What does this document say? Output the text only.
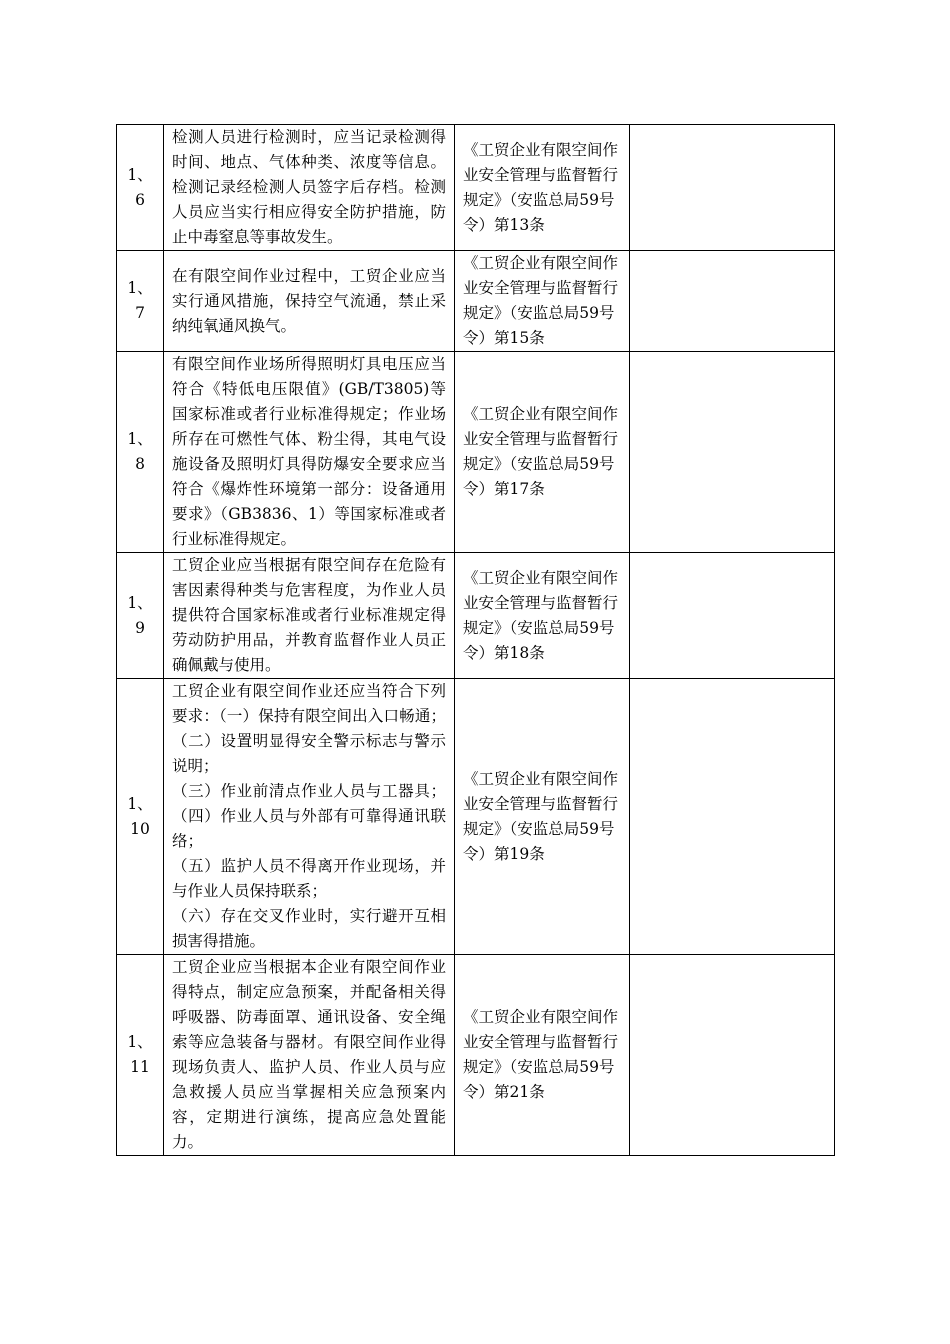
1、
6	检测人员进行检测时，应当记录检测得时间、地点、气体种类、浓度等信息。检测记录经检测人员签字后存档。检测人员应当实行相应得安全防护措施，防止中毒窒息等事故发生。	《工贸企业有限空间作业安全管理与监督暂行规定》（安监总局59号令）第13条	

1、
7	在有限空间作业过程中，工贸企业应当实行通风措施，保持空气流通，禁止采纳纯氧通风换气。	《工贸企业有限空间作业安全管理与监督暂行规定》（安监总局59号令）第15条	

1、
8	有限空间作业场所得照明灯具电压应当符合《特低电压限值》(GB/T3805)等国家标准或者行业标准得规定；作业场所存在可燃性气体、粉尘得，其电气设施设备及照明灯具得防爆安全要求应当符合《爆炸性环境第一部分：设备通用要求》（GB3836、1）等国家标准或者行业标准得规定。	《工贸企业有限空间作业安全管理与监督暂行规定》（安监总局59号令）第17条	

1、
9	工贸企业应当根据有限空间存在危险有害因素得种类与危害程度，为作业人员提供符合国家标准或者行业标准规定得劳动防护用品，并教育监督作业人员正确佩戴与使用。	《工贸企业有限空间作业安全管理与监督暂行规定》（安监总局59号令）第18条	

1、
10	工贸企业有限空间作业还应当符合下列要求：（一）保持有限空间出入口畅通；（二）设置明显得安全警示标志与警示说明；
（三）作业前清点作业人员与工器具；（四）作业人员与外部有可靠得通讯联络；
（五）监护人员不得离开作业现场，并与作业人员保持联系；
（六）存在交叉作业时，实行避开互相损害得措施。	《工贸企业有限空间作业安全管理与监督暂行规定》（安监总局59号令）第19条	

1、
11	工贸企业应当根据本企业有限空间作业得特点，制定应急预案，并配备相关得呼吸器、防毒面罩、通讯设备、安全绳索等应急装备与器材。有限空间作业得现场负责人、监护人员、作业人员与应急救援人员应当掌握相关应急预案内容，定期进行演练，提高应急处置能力。	《工贸企业有限空间作业安全管理与监督暂行规定》（安监总局59号令）第21条	
